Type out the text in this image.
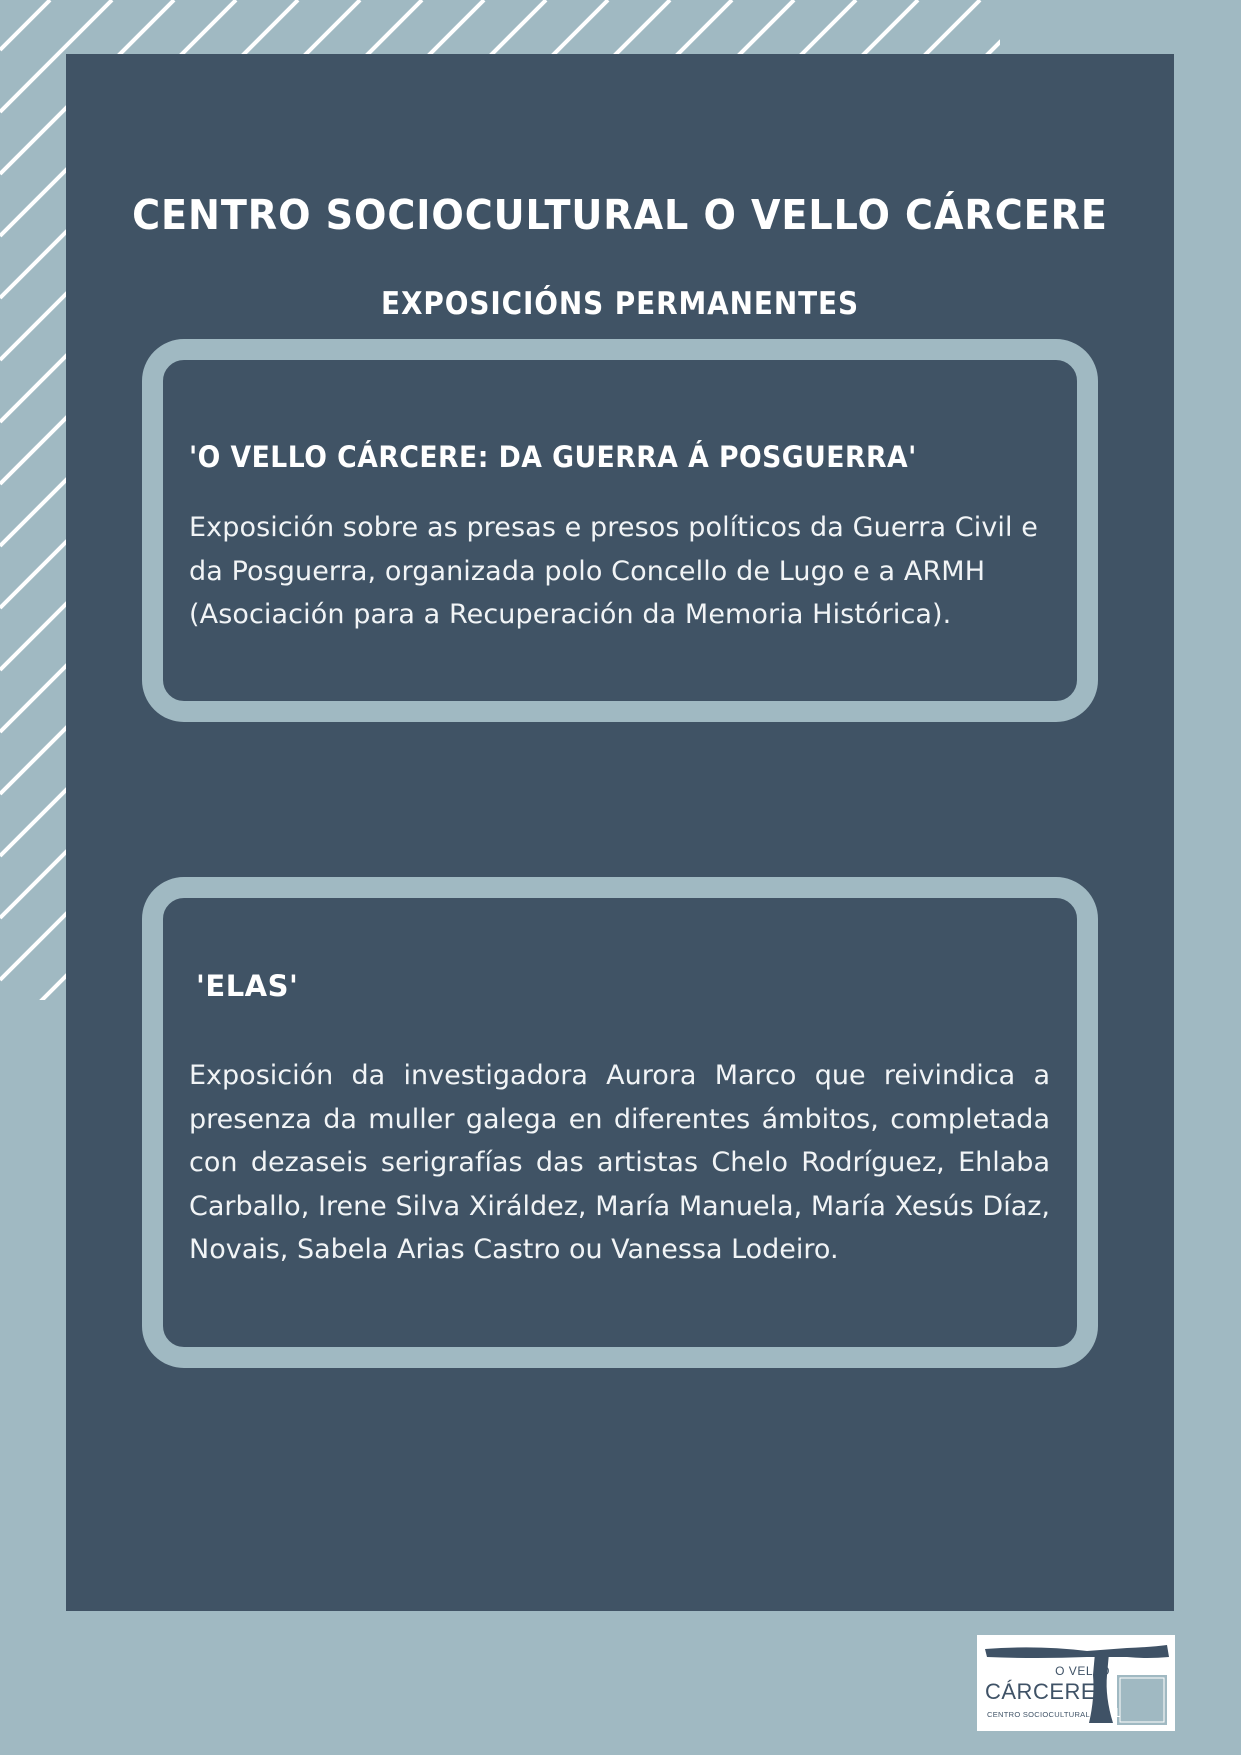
CENTRO SOCIOCULTURAL O VELLO CÁRCERE
EXPOSICIÓNS PERMANENTES
'O VELLO CÁRCERE: DA GUERRA Á POSGUERRA'

Exposición sobre as presas e presos políticos da Guerra Civil e da Posguerra, organizada polo Concello de Lugo e a ARMH (Asociación para a Recuperación da Memoria Histórica).

'ELAS'

Exposición da investigadora Aurora Marco que reivindica a presenza da muller galega en diferentes ámbitos, completada con dezaseis serigrafías das artistas Chelo Rodríguez, Ehlaba Carballo, Irene Silva Xiráldez, María Manuela, María Xesús Díaz, Novais, Sabela Arias Castro ou Vanessa Lodeiro.

O VELLO
CÁRCERE
CENTRO SOCIOCULTURAL 1
